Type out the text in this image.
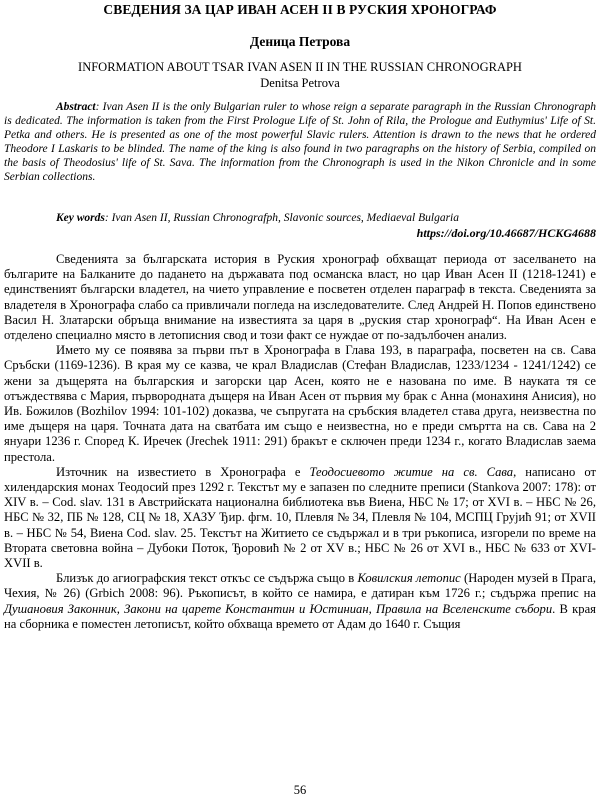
СВЕДЕНИЯ ЗА ЦАР ИВАН АСЕН II В РУСКИЯ ХРОНОГРАФ
Деница Петрова
INFORMATION ABOUT TSAR IVAN ASEN II IN THE RUSSIAN CHRONOGRAPH
Denitsa Petrova

Abstract: Ivan Asen II is the only Bulgarian ruler to whose reign a separate paragraph in the Russian Chronograph is dedicated. The information is taken from the First Prologue Life of St. John of Rila, the Prologue and Euthymius' Life of St. Petka and others. He is presented as one of the most powerful Slavic rulers. Attention is drawn to the news that he ordered Theodore I Laskaris to be blinded. The name of the king is also found in two paragraphs on the history of Serbia, compiled on the basis of Theodosius' life of St. Sava. The information from the Chronograph is used in the Nikon Chronicle and in some Serbian collections.

Key words: Ivan Asen II, Russian Chronografph, Slavonic sources, Mediaeval Bulgaria

https://doi.org/10.46687/HCKG4688

Сведенията за българската история в Руския хронограф обхващат периода от заселването на българите на Балканите до падането на държавата под османска власт, но цар Иван Асен II (1218-1241) е единственият български владетел, на чието управление е посветен отделен параграф в текста. Сведенията за владетеля в Хронографа слабо са привличали погледа на изследователите. След Андрей Н. Попов единствено Васил Н. Златарски обръща внимание на известията за царя в „руския стар хронограф“. На Иван Асен е отделено специално място в летописния свод и този факт се нуждае от по-задълбочен анализ.

Името му се появява за първи път в Хронографа в Глава 193, в параграфа, посветен на св. Сава Сръбски (1169-1236). В края му се казва, че крал Владислав (Стефан Владислав, 1233/1234 - 1241/1242) се жени за дъщерята на българския и загорски цар Асен, която не е назована по име. В науката тя се отъждествява с Мария, първородната дъщеря на Иван Асен от първия му брак с Анна (монахиня Анисия), но Ив. Божилов (Bozhilov 1994: 101-102) доказва, че съпругата на сръбския владетел става друга, неизвестна по име дъщеря на царя. Точната дата на сватбата им също е неизвестна, но е преди смъртта на св. Сава на 2 януари 1236 г. Според К. Иречек (Jrechek 1911: 291) бракът е сключен преди 1234 г., когато Владислав заема престола.

Източник на известието в Хронографа е Теодосиевото житие на св. Сава, написано от хилендарския монах Теодосий през 1292 г. Текстът му е запазен по следните преписи (Stankova 2007: 178): от XIV в. – Cod. slav. 131 в Австрийската национална библиотека във Виена, НБС № 17; от XVI в. – НБС № 26, НБС № 32, ПБ № 128, СЦ № 18, ХАЗУ Ђир. фгм. 10, Плевля № 34, Плевля № 104, МСПЦ Грујић 91; от XVII в. – НБС № 54, Виена Cod. slav. 25. Текстът на Житието се съдържал и в три ръкописа, изгорели по време на Втората световна война – Дубоки Поток, Ђоровић № 2 от XV в.; НБС № 26 от XVI в., НБС № 633 от XVI-XVII в.

Близък до агиографския текст откъс се съдържа също в Ковилския летопис (Народен музей в Прага, Чехия, № 26) (Grbich 2008: 96). Ръкописът, в който се намира, е датиран към 1726 г.; съдържа препис на Душановия Законник, Закони на царете Константин и Юстиниан, Правила на Вселенските събори. В края на сборника е поместен летописът, който обхваща времето от Адам до 1640 г. Същия

56
